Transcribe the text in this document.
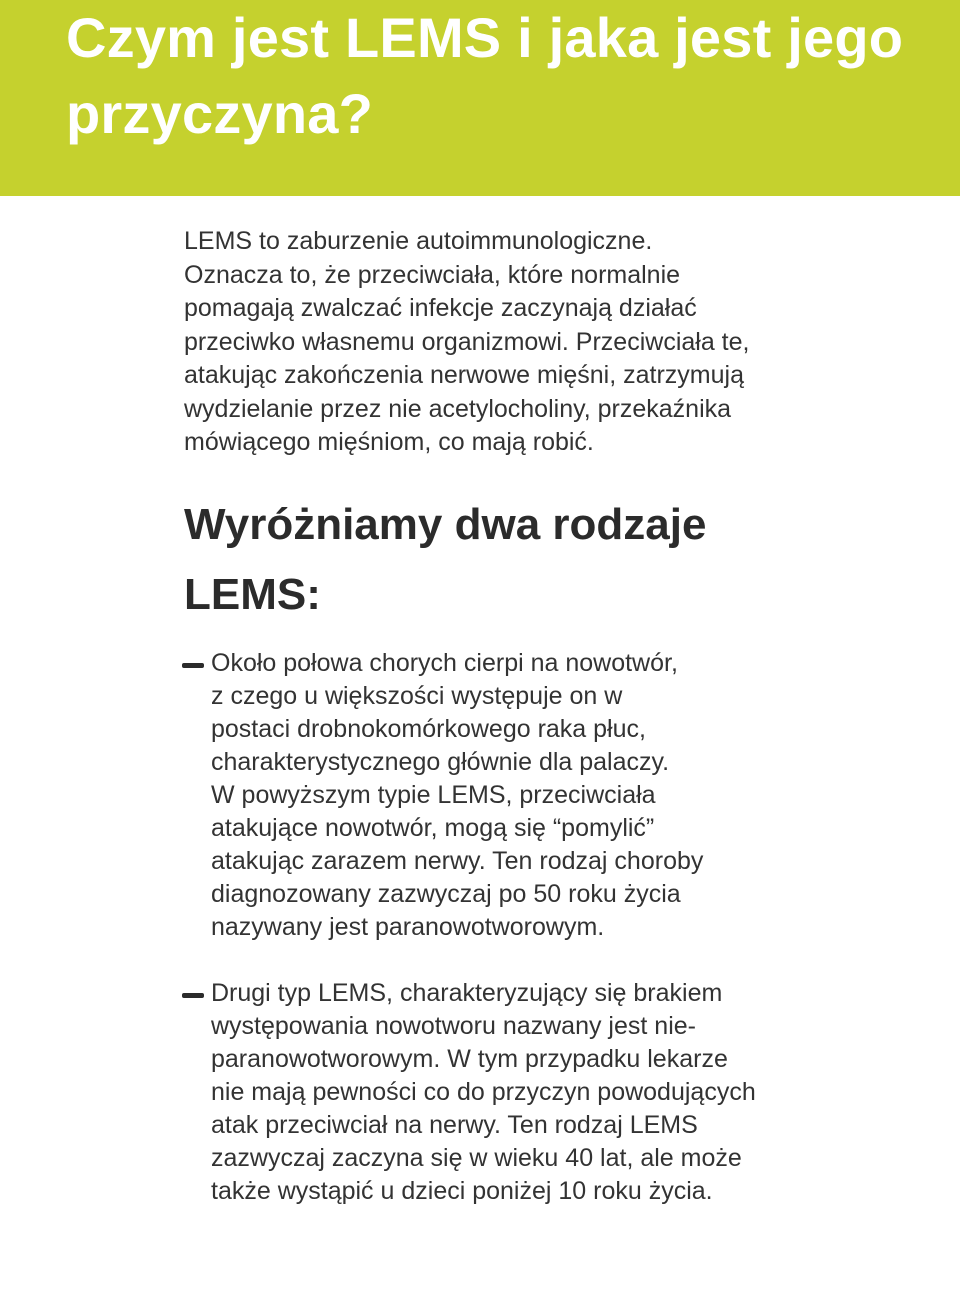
Czym jest LEMS i jaka jest jego przyczyna?

LEMS to zaburzenie autoimmunologiczne.
Oznacza to, że przeciwciała, które normalnie
pomagają zwalczać infekcje zaczynają działać
przeciwko własnemu organizmowi. Przeciwciała te,
atakując zakończenia nerwowe mięśni, zatrzymują
wydzielanie przez nie acetylocholiny, przekaźnika
mówiącego mięśniom, co mają robić.

Wyróżniamy dwa rodzaje
LEMS:

Około połowa chorych cierpi na nowotwór,
z czego u większości występuje on w
postaci drobnokomórkowego raka płuc,
charakterystycznego głównie dla palaczy.
W powyższym typie LEMS, przeciwciała
atakujące nowotwór, mogą się “pomylić”
atakując zarazem nerwy. Ten rodzaj choroby
diagnozowany zazwyczaj po 50 roku życia
nazywany jest paranowotworowym.

Drugi typ LEMS, charakteryzujący się brakiem
występowania nowotworu nazwany jest nie-
paranowotworowym. W tym przypadku lekarze
nie mają pewności co do przyczyn powodujących
atak przeciwciał na nerwy. Ten rodzaj LEMS
zazwyczaj zaczyna się w wieku 40 lat, ale może
także wystąpić u dzieci poniżej 10 roku życia.
